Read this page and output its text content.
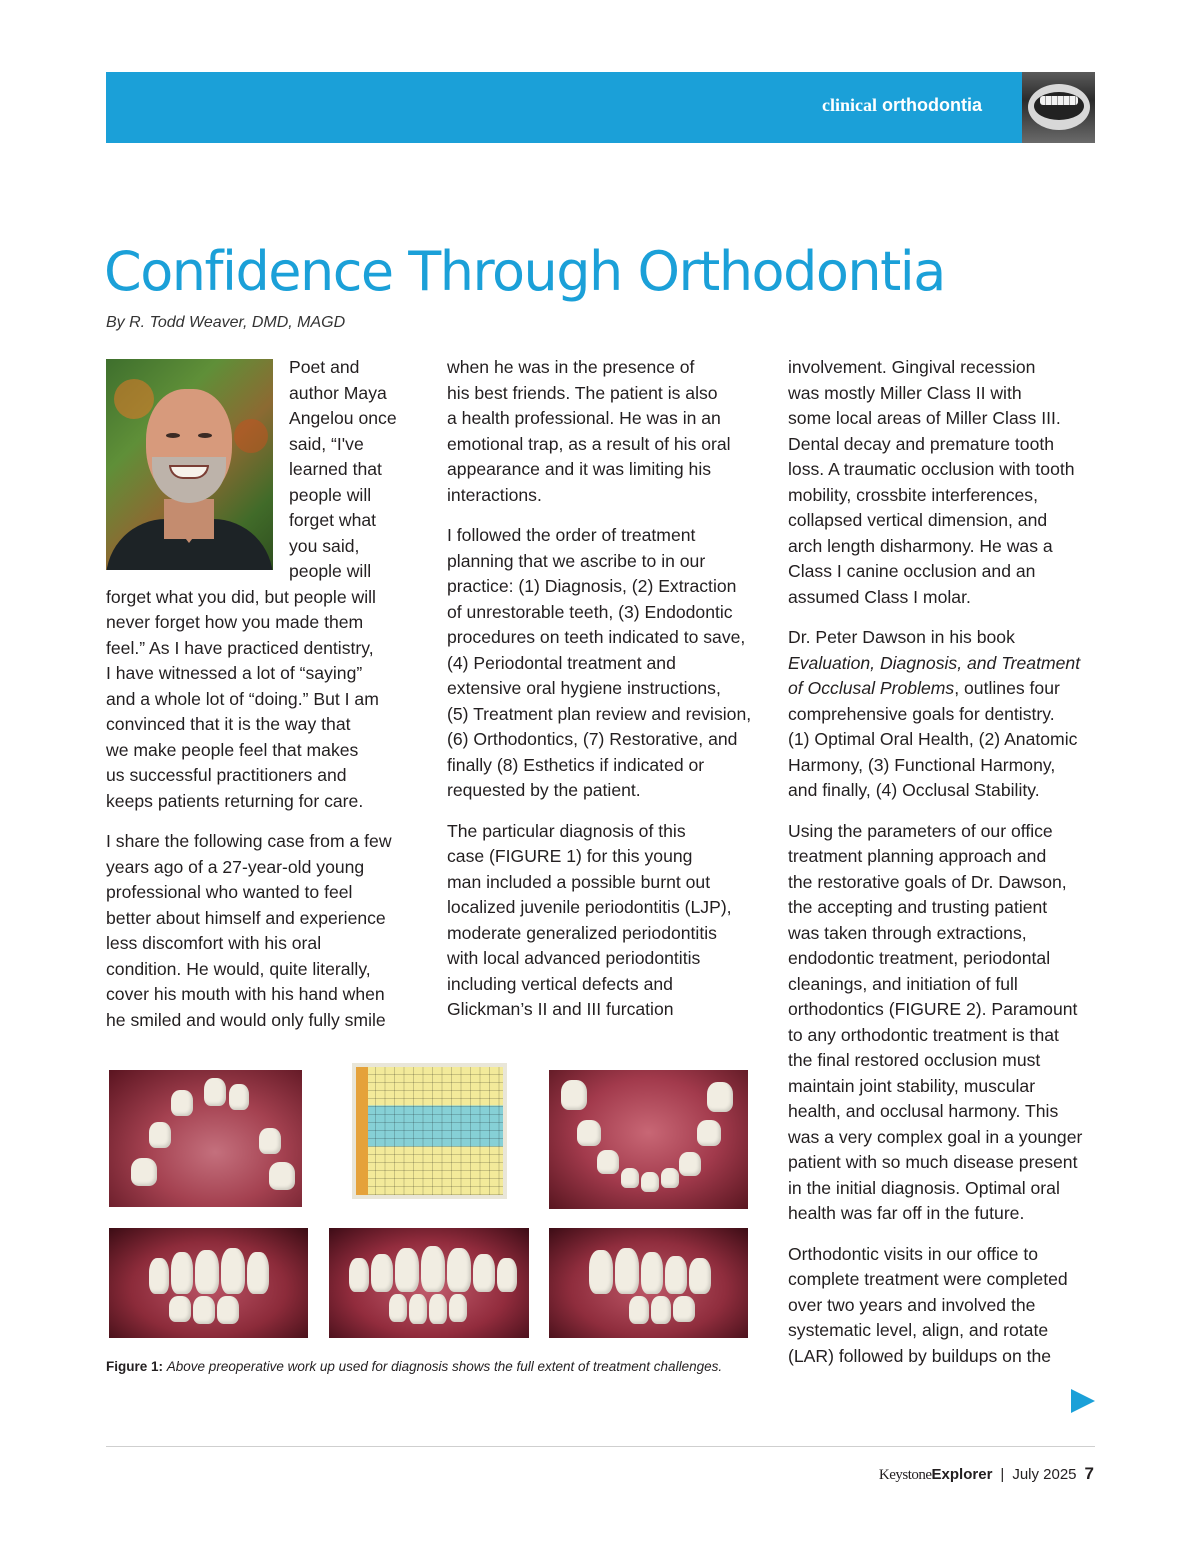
clinical orthodontia
Confidence Through Orthodontia
By R. Todd Weaver, DMD, MAGD

Poet and

author Maya

Angelou once

said, “I've

learned that

people will

forget what

you said,

people will

forget what you did, but people will

never forget how you made them

feel.” As I have practiced dentistry,

I have witnessed a lot of “saying”

and a whole lot of “doing.” But I am

convinced that it is the way that

we make people feel that makes

us successful practitioners and

keeps patients returning for care.

I share the following case from a few

years ago of a 27-year-old young

professional who wanted to feel

better about himself and experience

less discomfort with his oral

condition. He would, quite literally,

cover his mouth with his hand when

he smiled and would only fully smile

when he was in the presence of

his best friends. The patient is also

a health professional. He was in an

emotional trap, as a result of his oral

appearance and it was limiting his

interactions.

I followed the order of treatment

planning that we ascribe to in our

practice: (1) Diagnosis, (2) Extraction

of unrestorable teeth, (3) Endodontic

procedures on teeth indicated to save,

(4) Periodontal treatment and

extensive oral hygiene instructions,

(5) Treatment plan review and revision,

(6) Orthodontics, (7) Restorative, and

finally (8) Esthetics if indicated or

requested by the patient.

The particular diagnosis of this

case (FIGURE 1) for this young

man included a possible burnt out

localized juvenile periodontitis (LJP),

moderate generalized periodontitis

with local advanced periodontitis

including vertical defects and

Glickman’s II and III furcation

involvement. Gingival recession

was mostly Miller Class II with

some local areas of Miller Class III.

Dental decay and premature tooth

loss. A traumatic occlusion with tooth

mobility, crossbite interferences,

collapsed vertical dimension, and

arch length disharmony. He was a

Class I canine occlusion and an

assumed Class I molar.

Dr. Peter Dawson in his book

Evaluation, Diagnosis, and Treatment

of Occlusal Problems, outlines four

comprehensive goals for dentistry.

(1) Optimal Oral Health, (2) Anatomic

Harmony, (3) Functional Harmony,

and finally, (4) Occlusal Stability.

Using the parameters of our office

treatment planning approach and

the restorative goals of Dr. Dawson,

the accepting and trusting patient

was taken through extractions,

endodontic treatment, periodontal

cleanings, and initiation of full

orthodontics (FIGURE 2). Paramount

to any orthodontic treatment is that

the final restored occlusion must

maintain joint stability, muscular

health, and occlusal harmony. This

was a very complex goal in a younger

patient with so much disease present

in the initial diagnosis. Optimal oral

health was far off in the future.

Orthodontic visits in our office to

complete treatment were completed

over two years and involved the

systematic level, align, and rotate

(LAR) followed by buildups on the

Figure 1: Above preoperative work up used for diagnosis shows the full extent of treatment challenges.
Keystone Explorer | July 2025 7
